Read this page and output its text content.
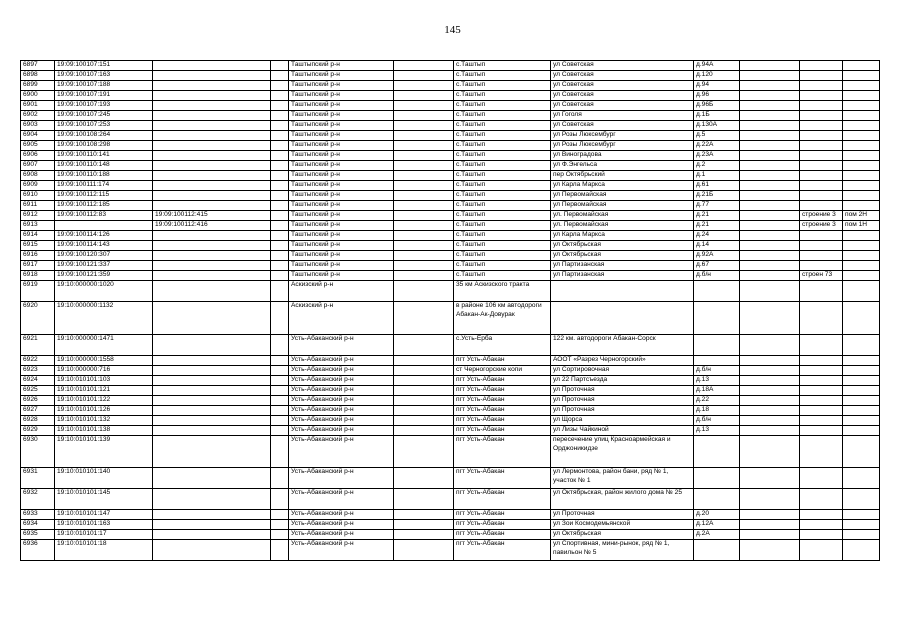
145
6897	19:09:100107:151			Таштыпский р-н		с.Таштып	ул Советская	д.94А			
6898	19:09:100107:163			Таштыпский р-н		с.Таштып	ул Советская	д.120			
6899	19:09:100107:188			Таштыпский р-н		с.Таштып	ул Советская	д.94			
6900	19:09:100107:191			Таштыпский р-н		с.Таштып	ул Советская	д.96			
6901	19:09:100107:193			Таштыпский р-н		с.Таштып	ул Советская	д.96Б			
6902	19:09:100107:245			Таштыпский р-н		с.Таштып	ул Гоголя	д.1Б			
6903	19:09:100107:253			Таштыпский р-н		с.Таштып	ул Советская	д.130А			
6904	19:09:100108:264			Таштыпский р-н		с.Таштып	ул Розы Люксембург	д.5			
6905	19:09:100108:298			Таштыпский р-н		с.Таштып	ул Розы Люксембург	д.22А			
6906	19:09:100110:141			Таштыпский р-н		с.Таштып	ул Виноградова	д.23А			
6907	19:09:100110:148			Таштыпский р-н		с.Таштып	ул Ф.Энгельса	д.2			
6908	19:09:100110:188			Таштыпский р-н		с.Таштып	пер Октябрьский	д.1			
6909	19:09:100111:174			Таштыпский р-н		с.Таштып	ул Карла Маркса	д.61			
6910	19:09:100112:115			Таштыпский р-н		с.Таштып	ул Первомайская	д.21Б			
6911	19:09:100112:185			Таштыпский р-н		с.Таштып	ул Первомайская	д.77			
6912	19:09:100112:83	19:09:100112:415		Таштыпский р-н		с.Таштып	ул. Первомайская	д.21		строение 3	пом 2Н
6913		19:09:100112:416		Таштыпский р-н		с.Таштып	ул. Первомайская	д.21		строение 3	пом 1Н
6914	19:09:100114:126			Таштыпский р-н		с.Таштып	ул Карла Маркса	д.24			
6915	19:09:100114:143			Таштыпский р-н		с.Таштып	ул Октябрьская	д.14			
6916	19:09:100120:307			Таштыпский р-н		с.Таштып	ул Октябрьская	д.92А			
6917	19:09:100121:337			Таштыпский р-н		с.Таштып	ул Партизанская	д.67			
6918	19:09:100121:359			Таштыпский р-н		с.Таштып	ул Партизанская	д.б/н		строен 73	
6919	19:10:000000:1020			Аскизский р-н		35 км Аскизского тракта					
6920	19:10:000000:1132			Аскизский р-н		в районе 106 км автодороги Абакан-Ак-Довурак					
6921	19:10:000000:1471			Усть-Абаканский р-н		с.Усть-Ерба	122 км. автодороги Абакан-Сорск				
6922	19:10:000000:1558			Усть-Абаканский р-н		пгт Усть-Абакан	АООТ «Разрез Черногорский»				
6923	19:10:000000:716			Усть-Абаканский р-н		ст Черногорские копи	ул Сортировочная	д.б/н			
6924	19:10:010101:103			Усть-Абаканский р-н		пгт Усть-Абакан	ул 22 Партсъезда	д.13			
6925	19:10:010101:121			Усть-Абаканский р-н		пгт Усть-Абакан	ул Проточная	д.18А			
6926	19:10:010101:122			Усть-Абаканский р-н		пгт Усть-Абакан	ул Проточная	д.22			
6927	19:10:010101:126			Усть-Абаканский р-н		пгт Усть-Абакан	ул Проточная	д.18			
6928	19:10:010101:132			Усть-Абаканский р-н		пгт Усть-Абакан	ул Щорса	д.б/н			
6929	19:10:010101:138			Усть-Абаканский р-н		пгт Усть-Абакан	ул Лизы Чайкиной	д.13			
6930	19:10:010101:139			Усть-Абаканский р-н		пгт Усть-Абакан	пересечение улиц Красноармейская и Орджоникидзе				
6931	19:10:010101:140			Усть-Абаканский р-н		пгт Усть-Абакан	ул Лермонтова, район бани, ряд № 1, участок № 1				
6932	19:10:010101:145			Усть-Абаканский р-н		пгт Усть-Абакан	ул Октябрьская, район жилого дома № 25				
6933	19:10:010101:147			Усть-Абаканский р-н		пгт Усть-Абакан	ул Проточная	д.20			
6934	19:10:010101:163			Усть-Абаканский р-н		пгт Усть-Абакан	ул Зои Космодемьянской	д.12А			
6935	19:10:010101:17			Усть-Абаканский р-н		пгт Усть-Абакан	ул Октябрьская	д.2А			
6936	19:10:010101:18			Усть-Абаканский р-н		пгт Усть-Абакан	ул Спортивная, мини-рынок, ряд № 1, павильон № 5				
